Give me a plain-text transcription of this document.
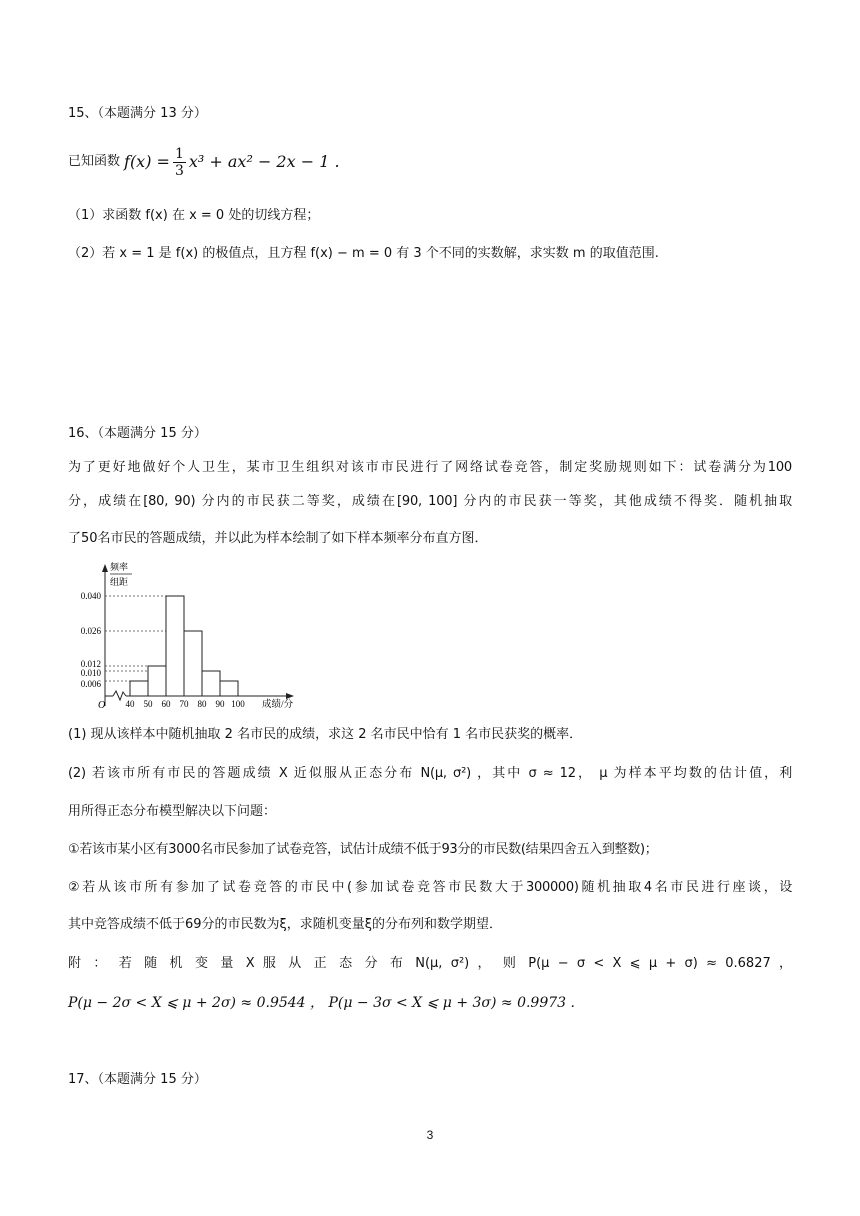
15、（本题满分 13 分）
已知函数 $f(x) = \frac{1}{3} x^3 + ax^2 - 2x - 1$ .
（1）求函数 f(x) 在 x = 0 处的切线方程；
（2）若 x = 1 是 f(x) 的极值点，且方程 f(x) − m = 0 有 3 个不同的实数解，求实数 m 的取值范围.
16、（本题满分 15 分）
为了更好地做好个人卫生，某市卫生组织对该市市民进行了网络试卷竞答，制定奖励规则如下：试卷满分为100
分，成绩在[80, 90) 分内的市民获二等奖，成绩在[90, 100] 分内的市民获一等奖，其他成绩不得奖．随机抽取
了50名市民的答题成绩，并以此为样本绘制了如下样本频率分布直方图．
频率
组距
成绩/分
O
0.040
0.026
0.012
0.010
0.006
40 50 60 70 80 90 100
(1) 现从该样本中随机抽取 2 名市民的成绩，求这 2 名市民中恰有 1 名市民获奖的概率．
(2) 若该市所有市民的答题成绩 X 近似服从正态分布 N(μ, σ²) ，其中 σ ≈ 12， μ 为样本平均数的估计值，利
用所得正态分布模型解决以下问题：
①若该市某小区有3000名市民参加了试卷竞答，试估计成绩不低于93分的市民数(结果四舍五入到整数)；
②若从该市所有参加了试卷竞答的市民中(参加试卷竞答市民数大于300000)随机抽取4名市民进行座谈，设
其中竞答成绩不低于69分的市民数为ξ，求随机变量ξ的分布列和数学期望．
附 ： 若 随 机 变 量 X 服 从 正 态 分 布 N(μ, σ²) ， 则 P(μ − σ < X ⩽ μ + σ) ≈ 0.6827 ，
P(μ − 2σ < X ⩽ μ + 2σ) ≈ 0.9544 ， P(μ − 3σ < X ⩽ μ + 3σ) ≈ 0.9973 .
17、（本题满分 15 分）
3
